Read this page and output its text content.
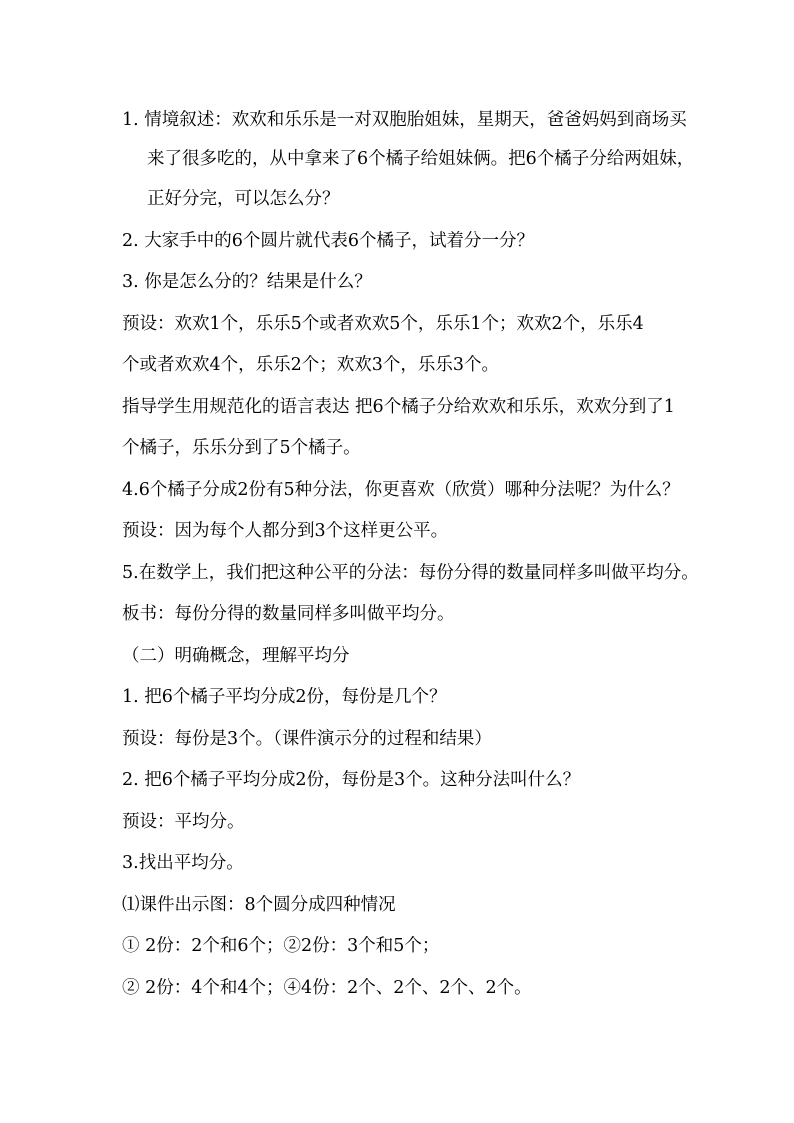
1. 情境叙述：欢欢和乐乐是一对双胞胎姐妹，星期天，爸爸妈妈到商场买
来了很多吃的，从中拿来了6个橘子给姐妹俩。把6个橘子分给两姐妹，
正好分完，可以怎么分？
2. 大家手中的6个圆片就代表6个橘子，试着分一分？
3. 你是怎么分的？结果是什么？
预设：欢欢1个，乐乐5个或者欢欢5个，乐乐1个；欢欢2个，乐乐4
个或者欢欢4个，乐乐2个；欢欢3个，乐乐3个。
指导学生用规范化的语言表达 把6个橘子分给欢欢和乐乐，欢欢分到了1
个橘子，乐乐分到了5个橘子。
4.6个橘子分成2份有5种分法，你更喜欢（欣赏）哪种分法呢？为什么？
预设：因为每个人都分到3个这样更公平。
5.在数学上，我们把这种公平的分法：每份分得的数量同样多叫做平均分。
板书：每份分得的数量同样多叫做平均分。
（二）明确概念，理解平均分
1. 把6个橘子平均分成2份，每份是几个？
预设：每份是3个。（课件演示分的过程和结果）
2. 把6个橘子平均分成2份，每份是3个。这种分法叫什么？
预设：平均分。
3.找出平均分。
⑴课件出示图：8个圆分成四种情况
① 2份：2个和6个；②2份：3个和5个；
② 2份：4个和4个；④4份：2个、2个、2个、2个。
